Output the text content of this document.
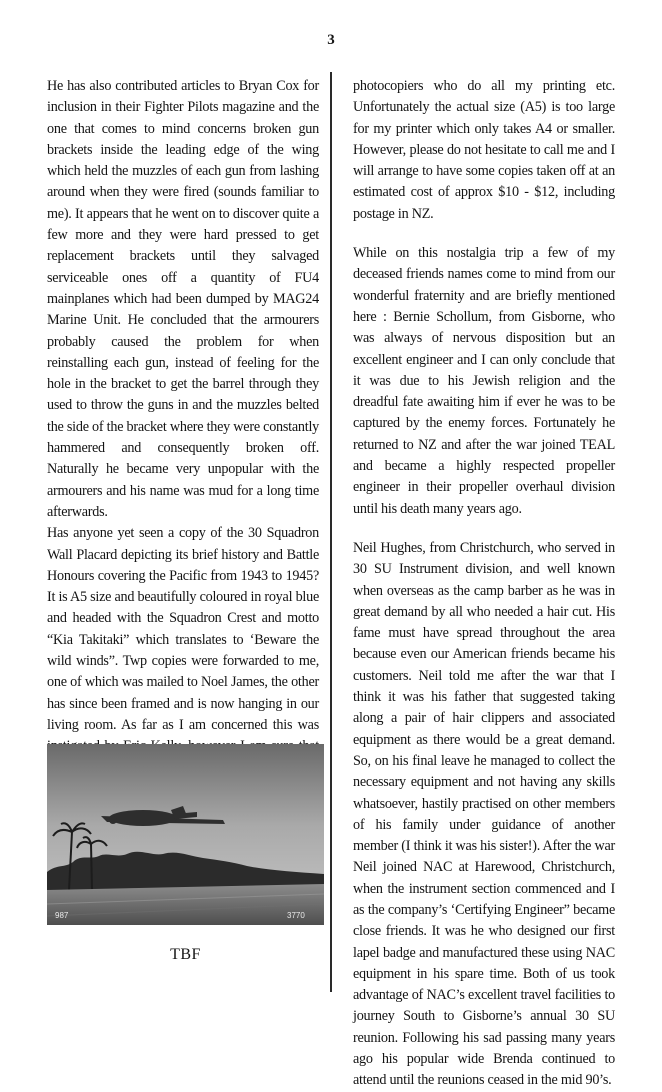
3

He has also contributed articles to Bryan Cox for inclusion in their Fighter Pilots magazine and the one that comes to mind concerns broken gun brackets inside the leading edge of the wing which held the muzzles of each gun from lashing around when they were fired (sounds familiar to me). It appears that he went on to discover quite a few more and they were hard pressed to get replacement brackets until they salvaged serviceable ones off a quantity of FU4 mainplanes which had been dumped by MAG24 Marine Unit. He concluded that the armourers probably caused the problem for when reinstalling each gun, instead of feeling for the hole in the bracket to get the barrel through they used to throw the guns in and the muzzles belted the side of the bracket where they were constantly hammered and consequently broken off. Naturally he became very unpopular with the armourers and his name was mud for a long time afterwards.

Has anyone yet seen a copy of the 30 Squadron Wall Placard depicting its brief history and Battle Honours covering the Pacific from 1943 to 1945? It is A5 size and beautifully coloured in royal blue and headed with the Squadron Crest and motto “Kia Takitaki” which translates to ‘Beware the wild winds”. Twp copies were forwarded to me, one of which was mailed to Noel James, the other has since been framed and is now hanging in our living room. As far as I am concerned this was

987	3770
TBF

photocopiers who do all my printing etc. Unfortunately the actual size (A5) is too large for my printer which only takes A4 or smaller. However, please do not hesitate to call me and I will arrange to have some copies taken off at an estimated cost of approx $10 - $12, including postage in NZ.

While on this nostalgia trip a few of my deceased friends names come to mind from our wonderful fraternity and are briefly mentioned here : Bernie Schollum, from Gisborne, who was always of nervous disposition but an excellent engineer and I can only conclude that it was due to his Jewish religion and the dreadful fate awaiting him if ever he was to be captured by the enemy forces. Fortunately he returned to NZ and after the war joined TEAL and became a highly respected propeller engineer in their propeller overhaul division until his death many years ago.

Neil Hughes, from Christchurch, who served in 30 SU Instrument division, and well known when overseas as the camp barber as he was in great demand by all who needed a hair cut. His fame must have spread throughout the area because even our American friends became his customers. Neil told me after the war that I think it was his father that suggested taking along a pair of hair clippers and associated equipment as there would be a great demand. So, on his final leave he managed to collect the necessary equipment and not having any skills whatsoever, hastily practised on other members of his family under guidance of another member (I think it was his sister!). After the war Neil joined NAC at Harewood, Christchurch, when the instrument section commenced and I as the company’s ‘Certifying Engineer” became close friends. It was he who designed our first lapel badge and manufactured these using NAC equipment in his spare time. Both of us took advantage of NAC’s excellent travel facilities to journey South to Gisborne’s annual 30 SU reunion. Following his sad passing many years ago his popular wide Brenda continued to attend until the reunions ceased in the mid 90’s.
